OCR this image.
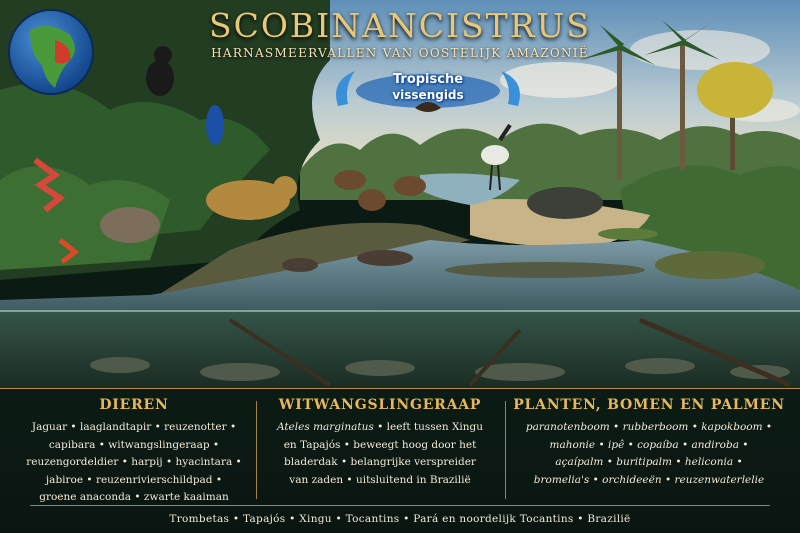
Tropische
vissengids
SCOBINANCISTRUS
HARNASMEERVALLEN VAN OOSTELIJK AMAZONIË
DIEREN

Jaguar • laaglandtapir • reuzenotter •
capibara • witwangslingeraap •
reuzengordeldier • harpij • hyacintara •
jabiroe • reuzenrivierschildpad •
groene anaconda • zwarte kaaiman

WITWANGSLINGERAAP

Ateles marginatus • leeft tussen Xingu
en Tapajós • beweegt hoog door het
bladerdak • belangrijke verspreider
van zaden • uitsluitend in Brazilië

PLANTEN, BOMEN EN PALMEN

paranotenboom • rubberboom • kapokboom •
mahonie • ipê • copaíba • andiroba •
açaípalm • buritipalm • heliconia •
bromelia's • orchideeën • reuzenwaterlelie

Trombetas • Tapajós • Xingu • Tocantins • Pará en noordelijk Tocantins • Brazilië
